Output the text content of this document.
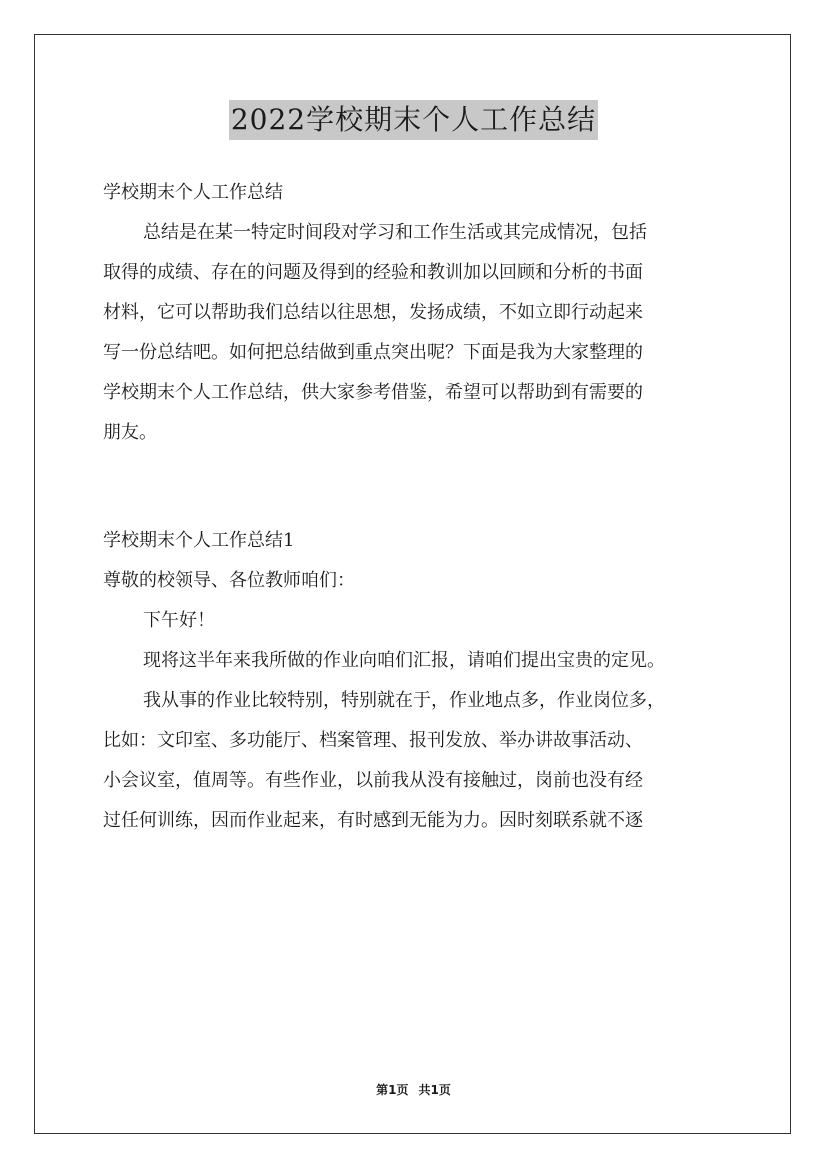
2022学校期末个人工作总结
学校期末个人工作总结
总结是在某一特定时间段对学习和工作生活或其完成情况，包括
取得的成绩、存在的问题及得到的经验和教训加以回顾和分析的书面
材料，它可以帮助我们总结以往思想，发扬成绩，不如立即行动起来
写一份总结吧。如何把总结做到重点突出呢？下面是我为大家整理的
学校期末个人工作总结，供大家参考借鉴，希望可以帮助到有需要的
朋友。
学校期末个人工作总结1
尊敬的校领导、各位教师咱们：
下午好！
现将这半年来我所做的作业向咱们汇报，请咱们提出宝贵的定见。
我从事的作业比较特别，特别就在于，作业地点多，作业岗位多，
比如：文印室、多功能厅、档案管理、报刊发放、举办讲故事活动、
小会议室，值周等。有些作业，以前我从没有接触过，岗前也没有经
过任何训练，因而作业起来，有时感到无能为力。因时刻联系就不逐
第1页 共1页
